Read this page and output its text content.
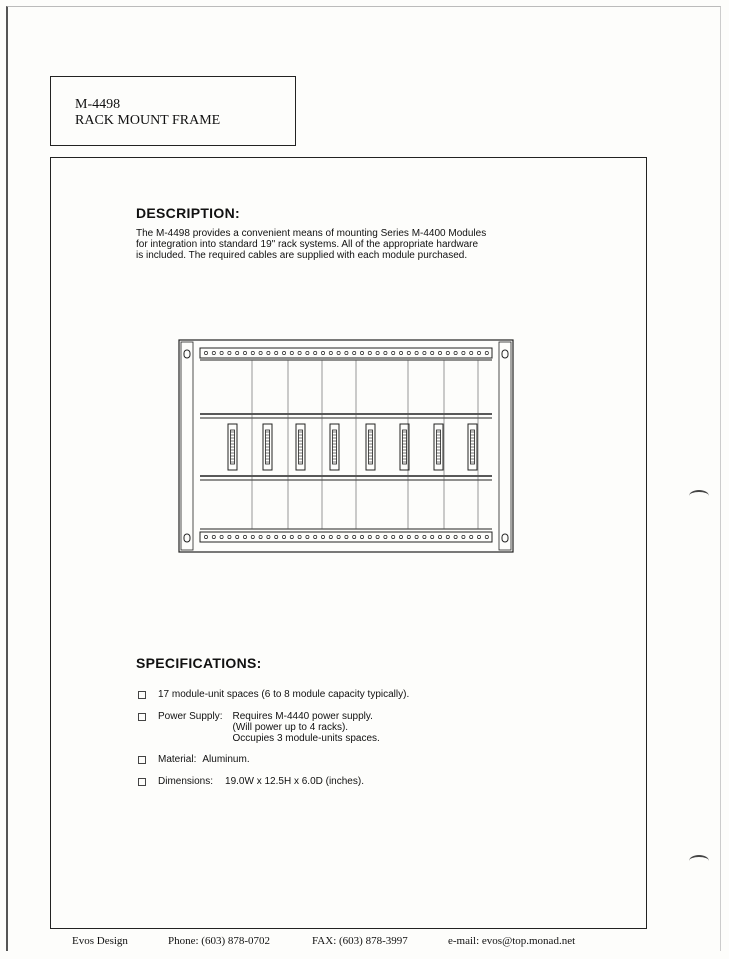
M-4498
RACK MOUNT FRAME
DESCRIPTION:
The M-4498 provides a convenient means of mounting Series M-4400 Modules
for integration into standard 19" rack systems. All of the appropriate hardware
is included. The required cables are supplied with each module purchased.
SPECIFICATIONS:
17 module-unit spaces (6 to 8 module capacity typically).
Power Supply: Requires M-4440 power supply.
(Will power up to 4 racks).
Occupies 3 module-units spaces.
Material: Aluminum.
Dimensions: 19.0W x 12.5H x 6.0D (inches).
Evos Design	Phone: (603) 878-0702	FAX: (603) 878-3997	e-mail: evos@top.monad.net
